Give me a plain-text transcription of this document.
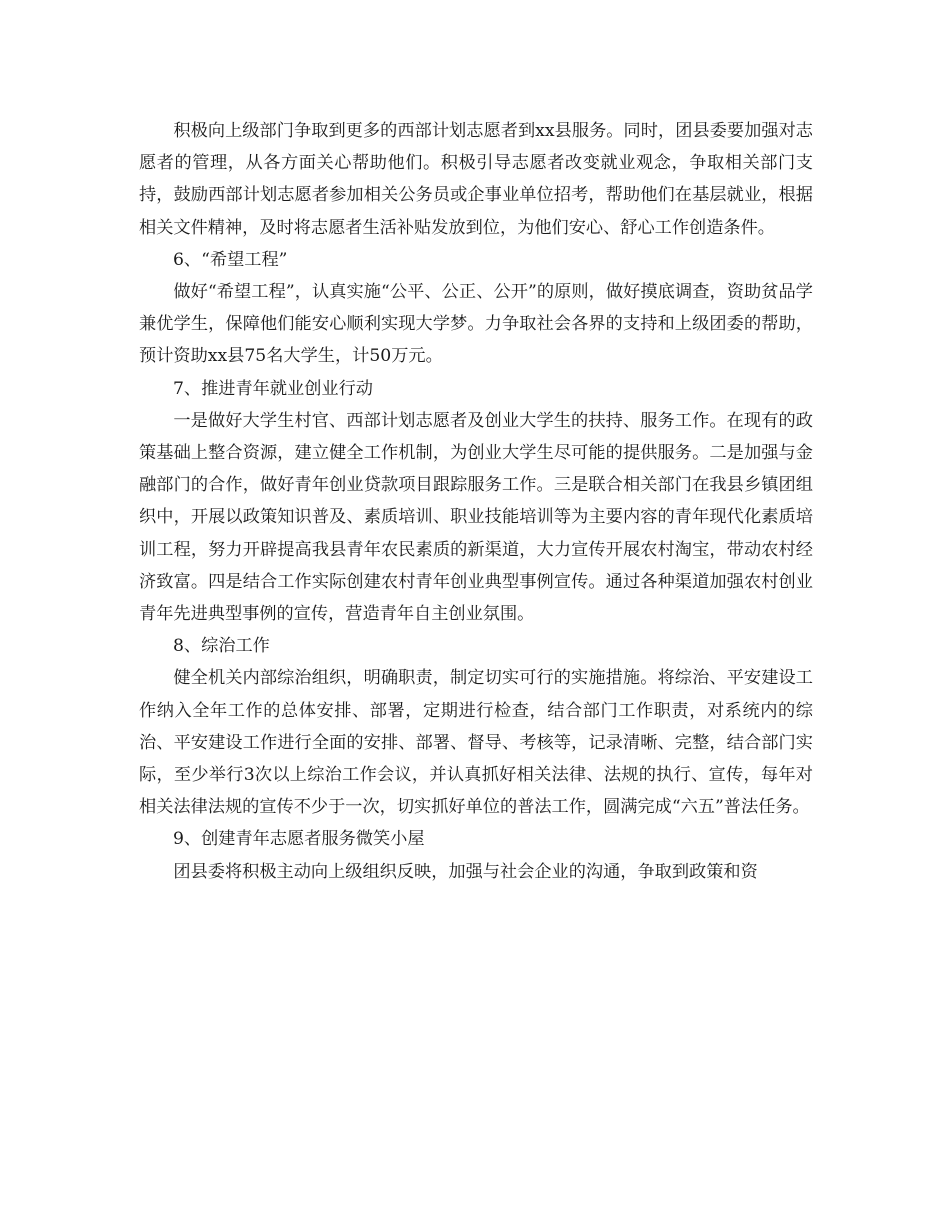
积极向上级部门争取到更多的西部计划志愿者到xx县服务。同时，团县委要加强对志愿者的管理，从各方面关心帮助他们。积极引导志愿者改变就业观念，争取相关部门支持，鼓励西部计划志愿者参加相关公务员或企事业单位招考，帮助他们在基层就业，根据相关文件精神，及时将志愿者生活补贴发放到位，为他们安心、舒心工作创造条件。

6、“希望工程”

做好“希望工程”，认真实施“公平、公正、公开”的原则，做好摸底调查，资助贫品学兼优学生，保障他们能安心顺利实现大学梦。力争取社会各界的支持和上级团委的帮助，预计资助xx县75名大学生，计50万元。

7、推进青年就业创业行动

一是做好大学生村官、西部计划志愿者及创业大学生的扶持、服务工作。在现有的政策基础上整合资源，建立健全工作机制，为创业大学生尽可能的提供服务。二是加强与金融部门的合作，做好青年创业贷款项目跟踪服务工作。三是联合相关部门在我县乡镇团组织中，开展以政策知识普及、素质培训、职业技能培训等为主要内容的青年现代化素质培训工程，努力开辟提高我县青年农民素质的新渠道，大力宣传开展农村淘宝，带动农村经济致富。四是结合工作实际创建农村青年创业典型事例宣传。通过各种渠道加强农村创业青年先进典型事例的宣传，营造青年自主创业氛围。

8、综治工作

健全机关内部综治组织，明确职责，制定切实可行的实施措施。将综治、平安建设工作纳入全年工作的总体安排、部署，定期进行检查，结合部门工作职责，对系统内的综治、平安建设工作进行全面的安排、部署、督导、考核等，记录清晰、完整，结合部门实际，至少举行3次以上综治工作会议，并认真抓好相关法律、法规的执行、宣传，每年对相关法律法规的宣传不少于一次，切实抓好单位的普法工作，圆满完成“六五”普法任务。

9、创建青年志愿者服务微笑小屋

团县委将积极主动向上级组织反映，加强与社会企业的沟通，争取到政策和资
